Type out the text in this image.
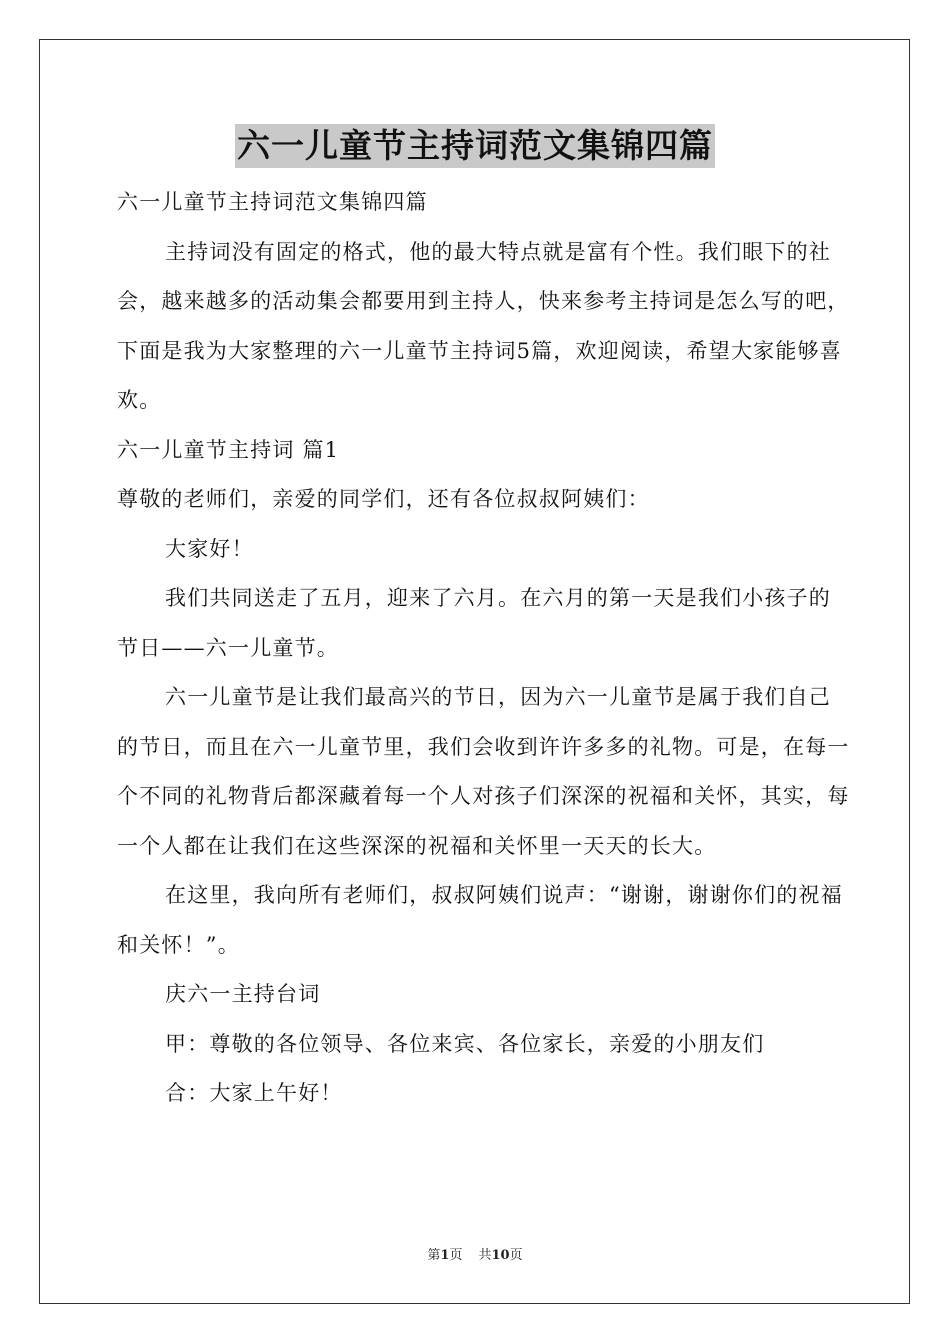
六一儿童节主持词范文集锦四篇

六一儿童节主持词范文集锦四篇

主持词没有固定的格式，他的最大特点就是富有个性。我们眼下的社会，越来越多的活动集会都要用到主持人，快来参考主持词是怎么写的吧，下面是我为大家整理的六一儿童节主持词5篇，欢迎阅读，希望大家能够喜欢。

六一儿童节主持词 篇1

尊敬的老师们，亲爱的同学们，还有各位叔叔阿姨们：

大家好！

我们共同送走了五月，迎来了六月。在六月的第一天是我们小孩子的节日——六一儿童节。

六一儿童节是让我们最高兴的节日，因为六一儿童节是属于我们自己的节日，而且在六一儿童节里，我们会收到许许多多的礼物。可是，在每一个不同的礼物背后都深藏着每一个人对孩子们深深的祝福和关怀，其实，每一个人都在让我们在这些深深的祝福和关怀里一天天的长大。

在这里，我向所有老师们，叔叔阿姨们说声：“谢谢，谢谢你们的祝福和关怀！”。

庆六一主持台词

甲：尊敬的各位领导、各位来宾、各位家长，亲爱的小朋友们

合：大家上午好！

第1页 共10页
